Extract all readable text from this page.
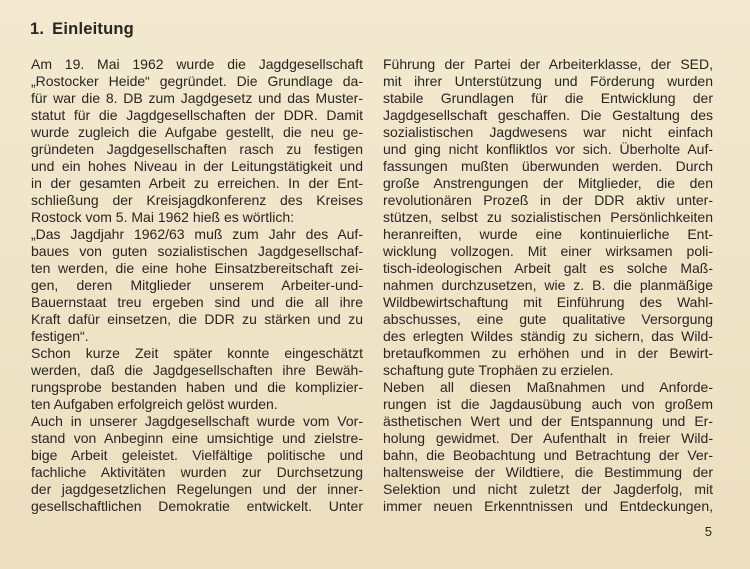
1. Einleitung
Am 19. Mai 1962 wurde die Jagdgesellschaft
„Rostocker Heide“ gegründet. Die Grundlage da-
für war die 8. DB zum Jagdgesetz und das Muster-
statut für die Jagdgesellschaften der DDR. Damit
wurde zugleich die Aufgabe gestellt, die neu ge-
gründeten Jagdgesellschaften rasch zu festigen
und ein hohes Niveau in der Leitungstätigkeit und
in der gesamten Arbeit zu erreichen. In der Ent-
schließung der Kreisjagdkonferenz des Kreises
Rostock vom 5. Mai 1962 hieß es wörtlich:
„Das Jagdjahr 1962/63 muß zum Jahr des Auf-
baues von guten sozialistischen Jagdgesellschaf-
ten werden, die eine hohe Einsatzbereitschaft zei-
gen, deren Mitglieder unserem Arbeiter-und-
Bauernstaat treu ergeben sind und die all ihre
Kraft dafür einsetzen, die DDR zu stärken und zu
festigen“.
Schon kurze Zeit später konnte eingeschätzt
werden, daß die Jagdgesellschaften ihre Bewäh-
rungsprobe bestanden haben und die komplizier-
ten Aufgaben erfolgreich gelöst wurden.
Auch in unserer Jagdgesellschaft wurde vom Vor-
stand von Anbeginn eine umsichtige und zielstre-
bige Arbeit geleistet. Vielfältige politische und
fachliche Aktivitäten wurden zur Durchsetzung
der jagdgesetzlichen Regelungen und der inner-
gesellschaftlichen Demokratie entwickelt. Unter
Führung der Partei der Arbeiterklasse, der SED,
mit ihrer Unterstützung und Förderung wurden
stabile Grundlagen für die Entwicklung der
Jagdgesellschaft geschaffen. Die Gestaltung des
sozialistischen Jagdwesens war nicht einfach
und ging nicht konfliktlos vor sich. Überholte Auf-
fassungen mußten überwunden werden. Durch
große Anstrengungen der Mitglieder, die den
revolutionären Prozeß in der DDR aktiv unter-
stützen, selbst zu sozialistischen Persönlichkeiten
heranreiften, wurde eine kontinuierliche Ent-
wicklung vollzogen. Mit einer wirksamen poli-
tisch-ideologischen Arbeit galt es solche Maß-
nahmen durchzusetzen, wie z. B. die planmäßige
Wildbewirtschaftung mit Einführung des Wahl-
abschusses, eine gute qualitative Versorgung
des erlegten Wildes ständig zu sichern, das Wild-
bretaufkommen zu erhöhen und in der Bewirt-
schaftung gute Trophäen zu erzielen.
Neben all diesen Maßnahmen und Anforde-
rungen ist die Jagdausübung auch von großem
ästhetischen Wert und der Entspannung und Er-
holung gewidmet. Der Aufenthalt in freier Wild-
bahn, die Beobachtung und Betrachtung der Ver-
haltensweise der Wildtiere, die Bestimmung der
Selektion und nicht zuletzt der Jagderfolg, mit
immer neuen Erkenntnissen und Entdeckungen,
5
